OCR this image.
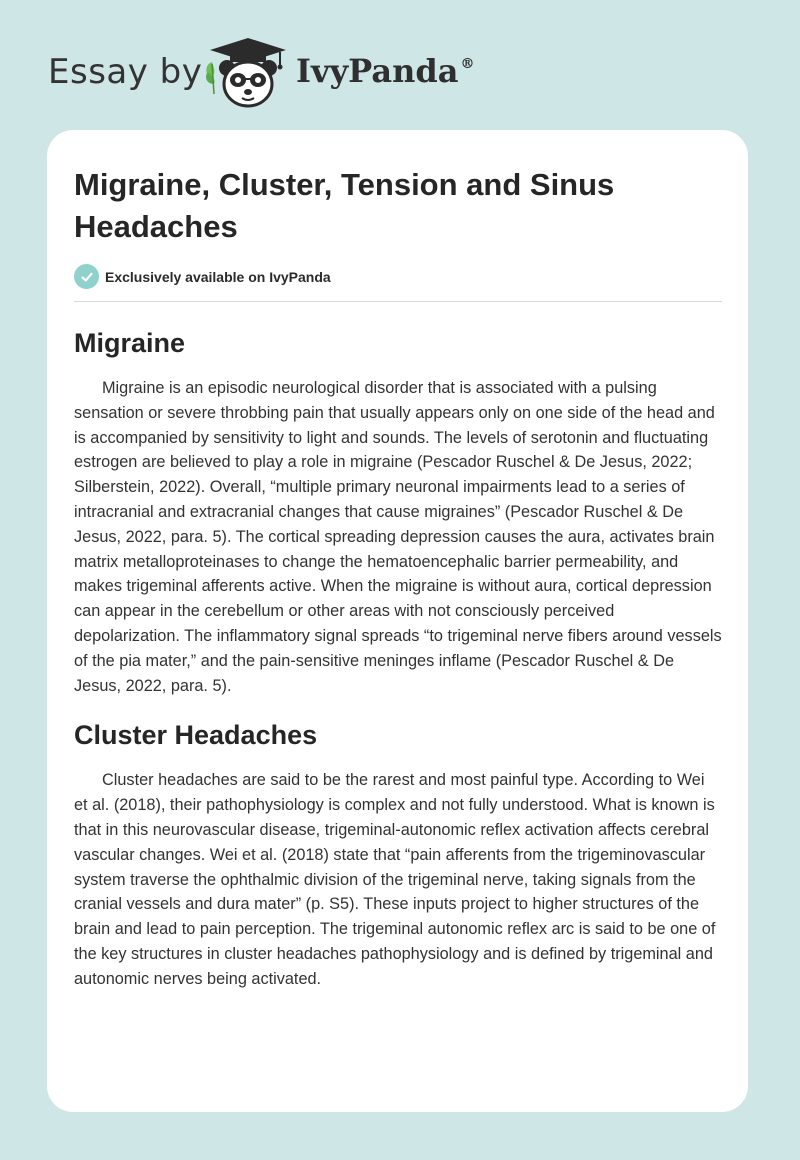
Essay by	IvyPanda ®
Migraine, Cluster, Tension and Sinus Headaches
Exclusively available on IvyPanda
Migraine

Migraine is an episodic neurological disorder that is associated with a pulsing sensation or severe throbbing pain that usually appears only on one side of the head and is accompanied by sensitivity to light and sounds. The levels of serotonin and fluctuating estrogen are believed to play a role in migraine (Pescador Ruschel & De Jesus, 2022; Silberstein, 2022). Overall, “multiple primary neuronal impairments lead to a series of intracranial and extracranial changes that cause migraines” (Pescador Ruschel & De Jesus, 2022, para. 5). The cortical spreading depression causes the aura, activates brain matrix metalloproteinases to change the hematoencephalic barrier permeability, and makes trigeminal afferents active. When the migraine is without aura, cortical depression can appear in the cerebellum or other areas with not consciously perceived depolarization. The inflammatory signal spreads “to trigeminal nerve fibers around vessels of the pia mater,” and the pain-sensitive meninges inflame (Pescador Ruschel & De Jesus, 2022, para. 5).

Cluster Headaches

Cluster headaches are said to be the rarest and most painful type. According to Wei et al. (2018), their pathophysiology is complex and not fully understood. What is known is that in this neurovascular disease, trigeminal-autonomic reflex activation affects cerebral vascular changes. Wei et al. (2018) state that “pain afferents from the trigeminovascular system traverse the ophthalmic division of the trigeminal nerve, taking signals from the cranial vessels and dura mater” (p. S5). These inputs project to higher structures of the brain and lead to pain perception. The trigeminal autonomic reflex arc is said to be one of the key structures in cluster headaches pathophysiology and is defined by trigeminal and autonomic nerves being activated.
